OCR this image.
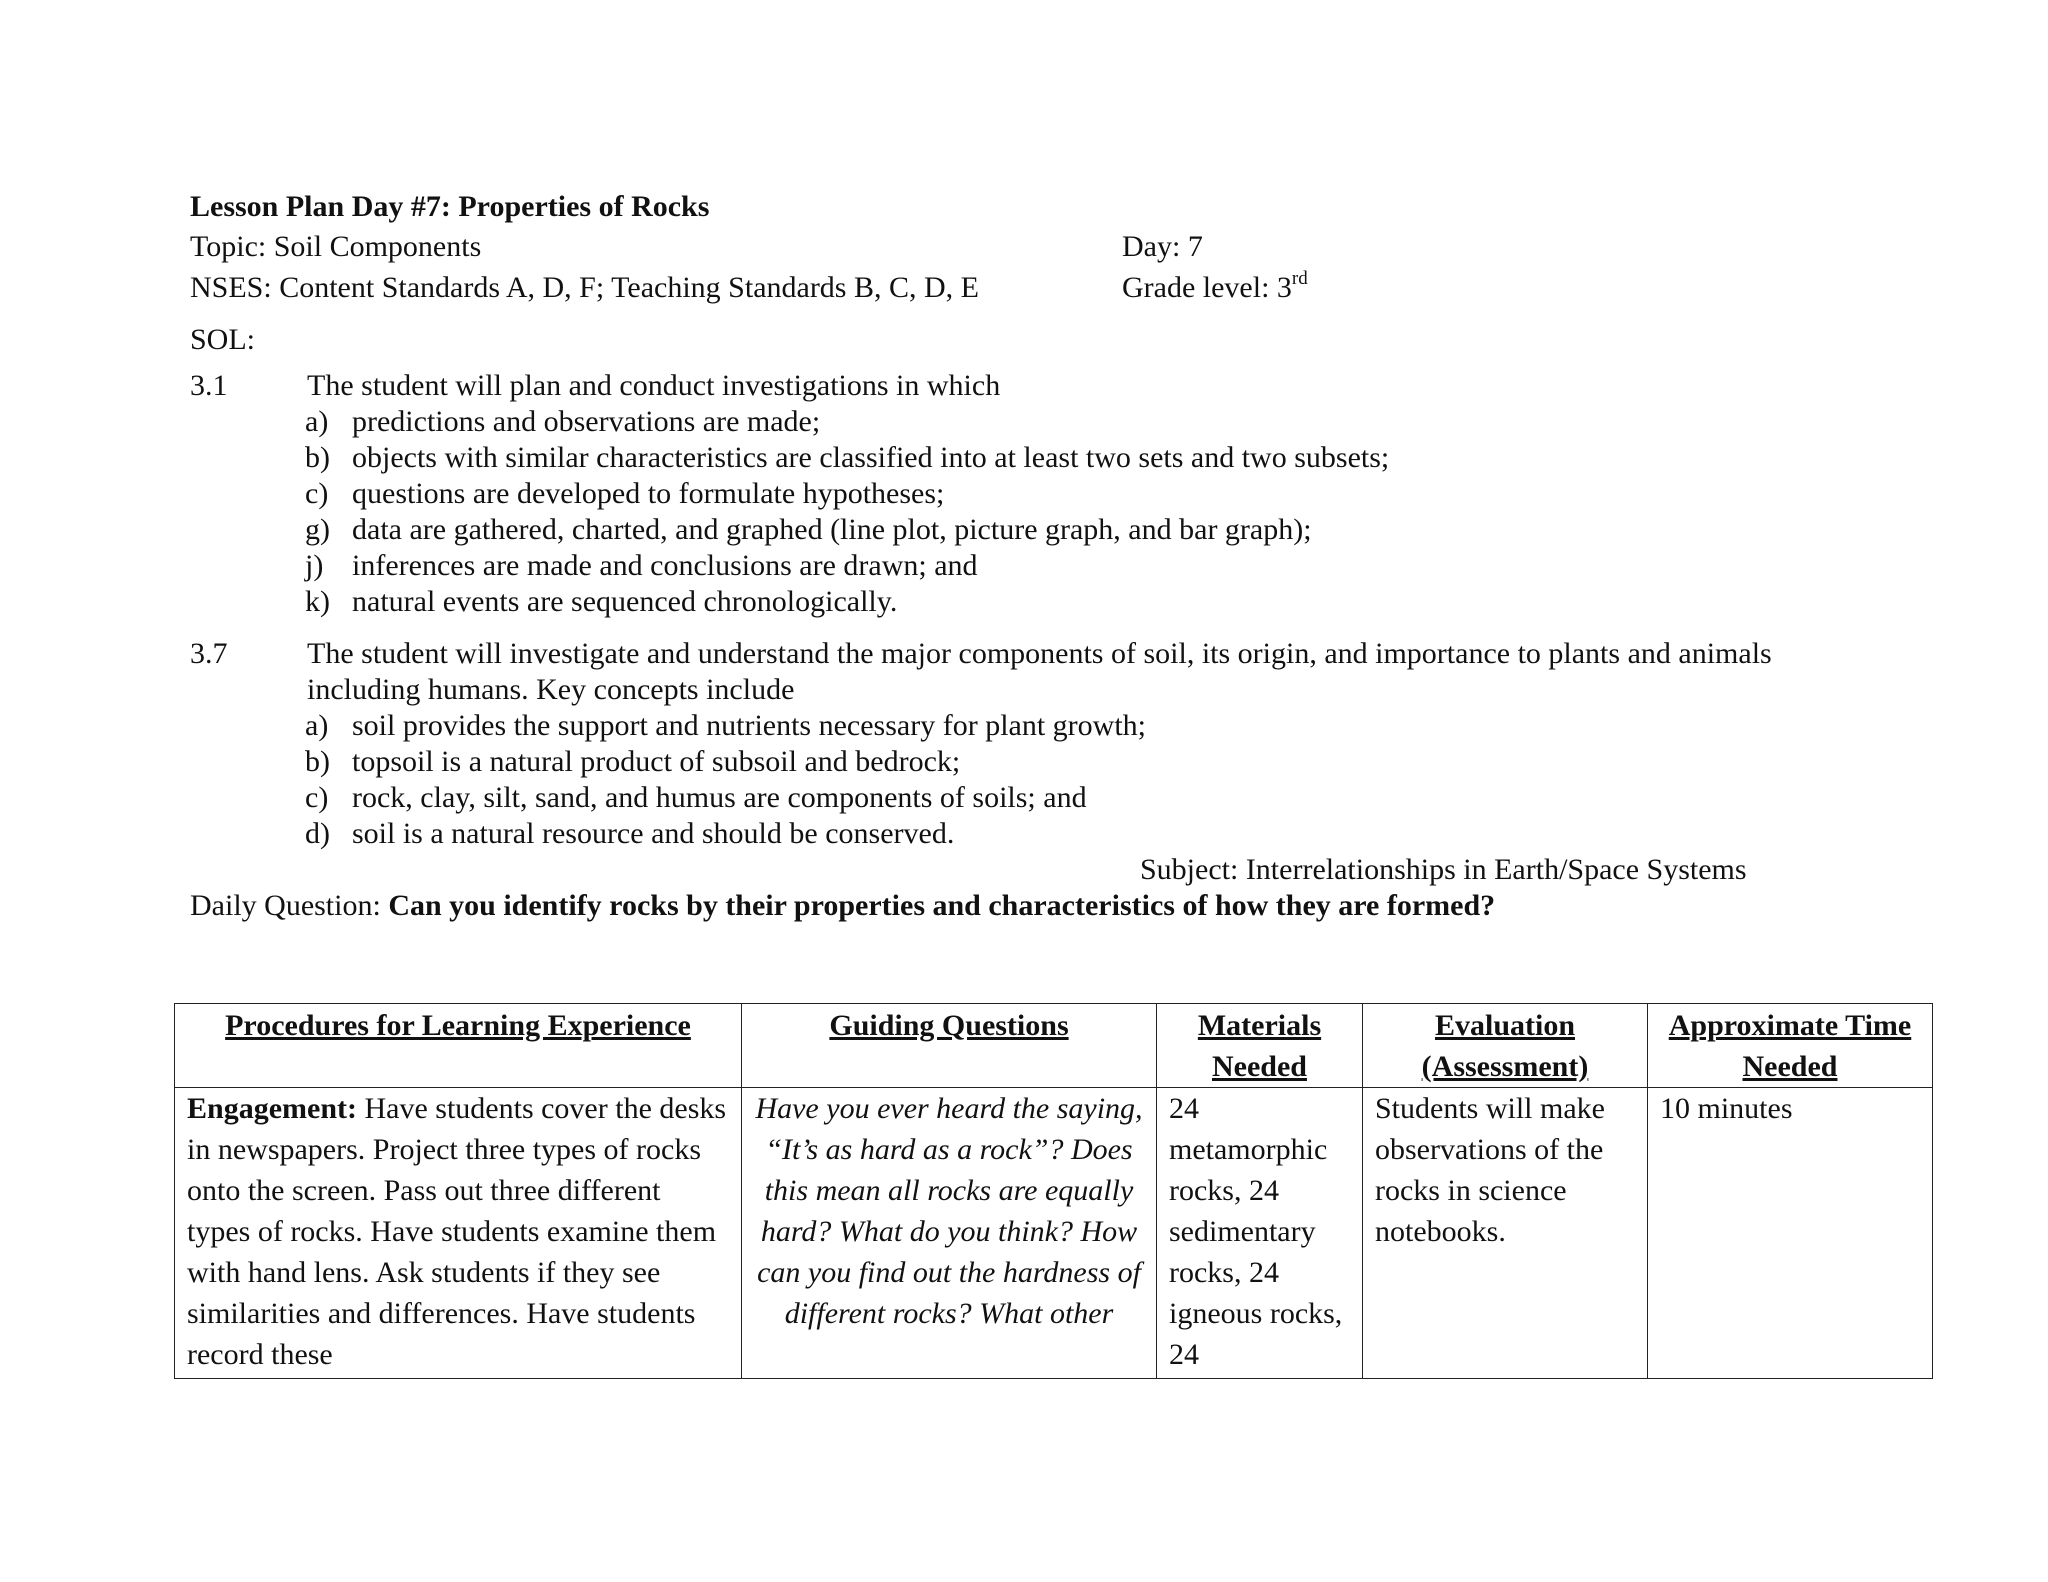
Lesson Plan Day #7: Properties of Rocks
Topic: Soil Components	Day: 7
NSES: Content Standards A, D, F; Teaching Standards B, C, D, E	Grade level: 3rd
SOL:
3.1	The student will plan and conduct investigations in which
a) predictions and observations are made;
b) objects with similar characteristics are classified into at least two sets and two subsets;
c) questions are developed to formulate hypotheses;
g) data are gathered, charted, and graphed (line plot, picture graph, and bar graph);
j) inferences are made and conclusions are drawn; and
k) natural events are sequenced chronologically.
3.7	The student will investigate and understand the major components of soil, its origin, and importance to plants and animals
including humans. Key concepts include
a) soil provides the support and nutrients necessary for plant growth;
b) topsoil is a natural product of subsoil and bedrock;
c) rock, clay, silt, sand, and humus are components of soils; and
d) soil is a natural resource and should be conserved.
Subject: Interrelationships in Earth/Space Systems
Daily Question: Can you identify rocks by their properties and characteristics of how they are formed?
Procedures for Learning Experience	Guiding Questions	Materials Needed	Evaluation (Assessment)	Approximate Time Needed
Engagement: Have students cover the desks in newspapers. Project three types of rocks onto the screen. Pass out three different types of rocks. Have students examine them with hand lens. Ask students if they see similarities and differences. Have students record these	Have you ever heard the saying, “It’s as hard as a rock”? Does this mean all rocks are equally hard? What do you think? How can you find out the hardness of different rocks? What other	24 metamorphic rocks, 24 sedimentary rocks, 24 igneous rocks, 24	Students will make observations of the rocks in science notebooks.	10 minutes
